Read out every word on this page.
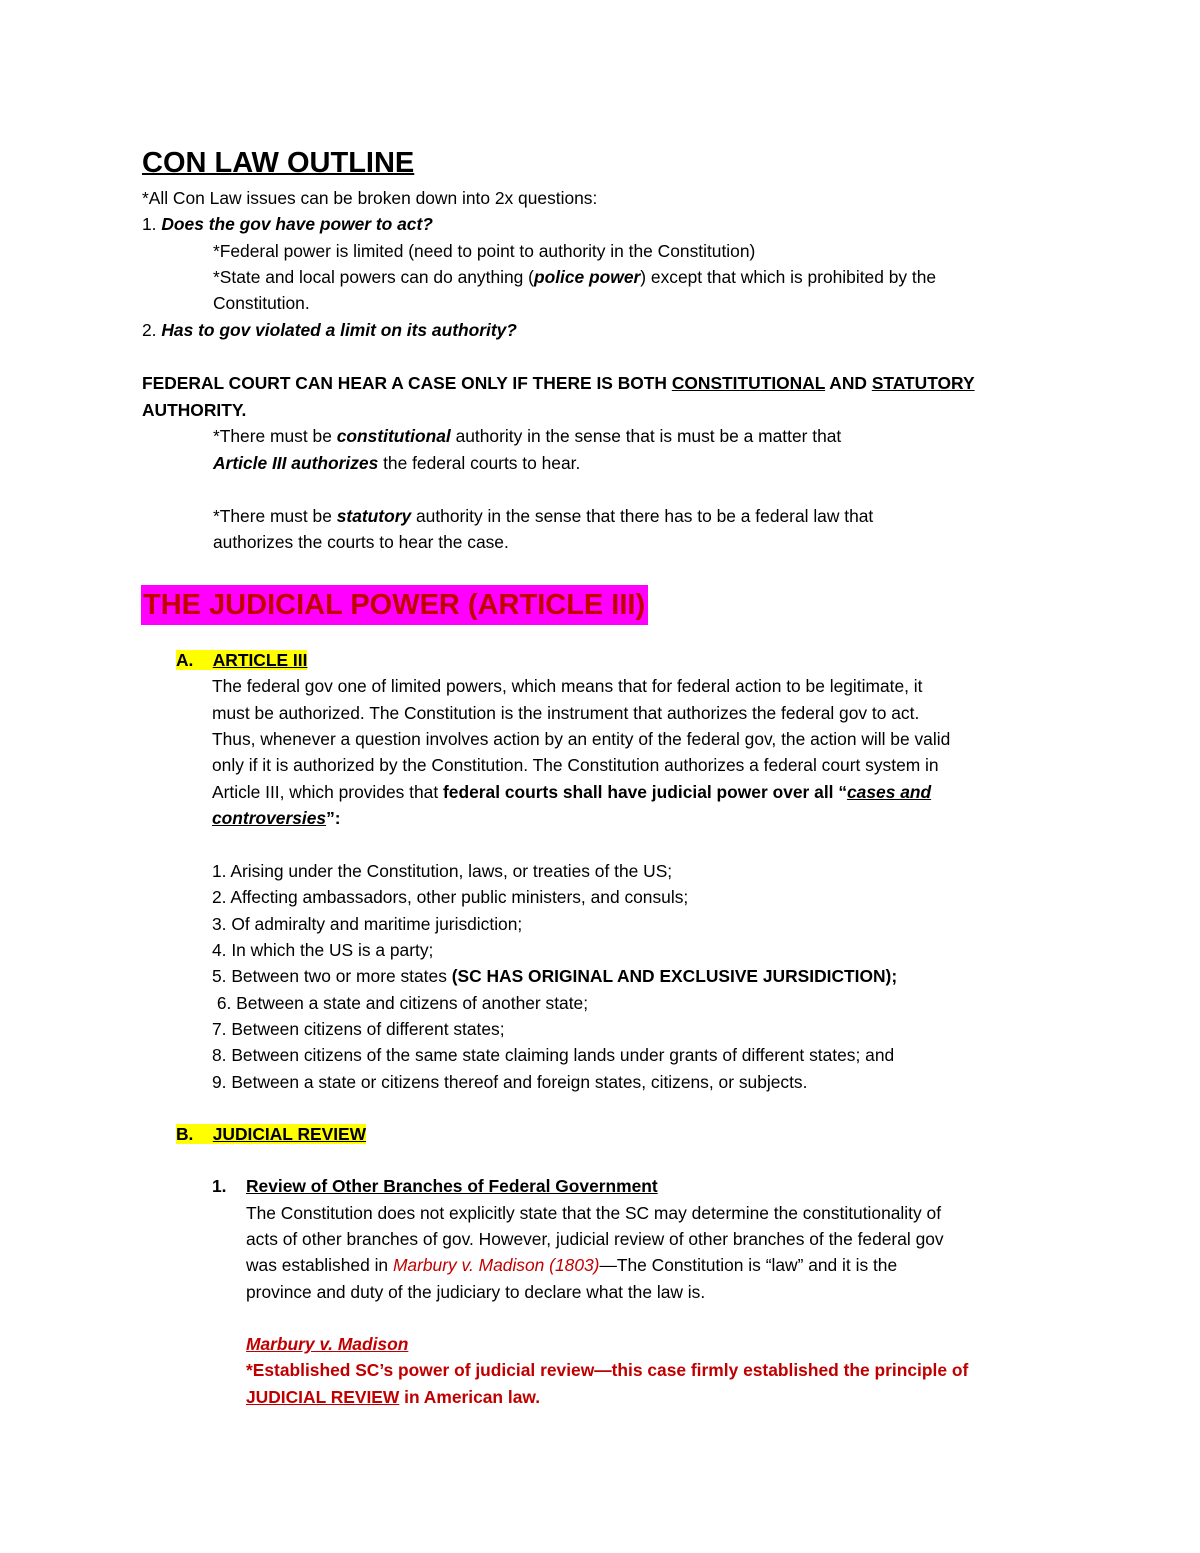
CON LAW OUTLINE
*All Con Law issues can be broken down into 2x questions:
1. Does the gov have power to act?
*Federal power is limited (need to point to authority in the Constitution)
*State and local powers can do anything (police power) except that which is prohibited by the
Constitution.
2. Has to gov violated a limit on its authority?
FEDERAL COURT CAN HEAR A CASE ONLY IF THERE IS BOTH CONSTITUTIONAL AND STATUTORY
AUTHORITY.
*There must be constitutional authority in the sense that is must be a matter that
Article III authorizes the federal courts to hear.
*There must be statutory authority in the sense that there has to be a federal law that
authorizes the courts to hear the case.
THE JUDICIAL POWER (ARTICLE III)
A. ARTICLE III
The federal gov one of limited powers, which means that for federal action to be legitimate, it
must be authorized. The Constitution is the instrument that authorizes the federal gov to act.
Thus, whenever a question involves action by an entity of the federal gov, the action will be valid
only if it is authorized by the Constitution. The Constitution authorizes a federal court system in
Article III, which provides that federal courts shall have judicial power over all “cases and
controversies”:
1. Arising under the Constitution, laws, or treaties of the US;
2. Affecting ambassadors, other public ministers, and consuls;
3. Of admiralty and maritime jurisdiction;
4. In which the US is a party;
5. Between two or more states (SC HAS ORIGINAL AND EXCLUSIVE JURSIDICTION);
6. Between a state and citizens of another state;
7. Between citizens of different states;
8. Between citizens of the same state claiming lands under grants of different states; and
9. Between a state or citizens thereof and foreign states, citizens, or subjects.
B. JUDICIAL REVIEW
1. Review of Other Branches of Federal Government
The Constitution does not explicitly state that the SC may determine the constitutionality of
acts of other branches of gov. However, judicial review of other branches of the federal gov
was established in Marbury v. Madison (1803)—The Constitution is “law” and it is the
province and duty of the judiciary to declare what the law is.
Marbury v. Madison
*Established SC’s power of judicial review—this case firmly established the principle of
JUDICIAL REVIEW in American law.
